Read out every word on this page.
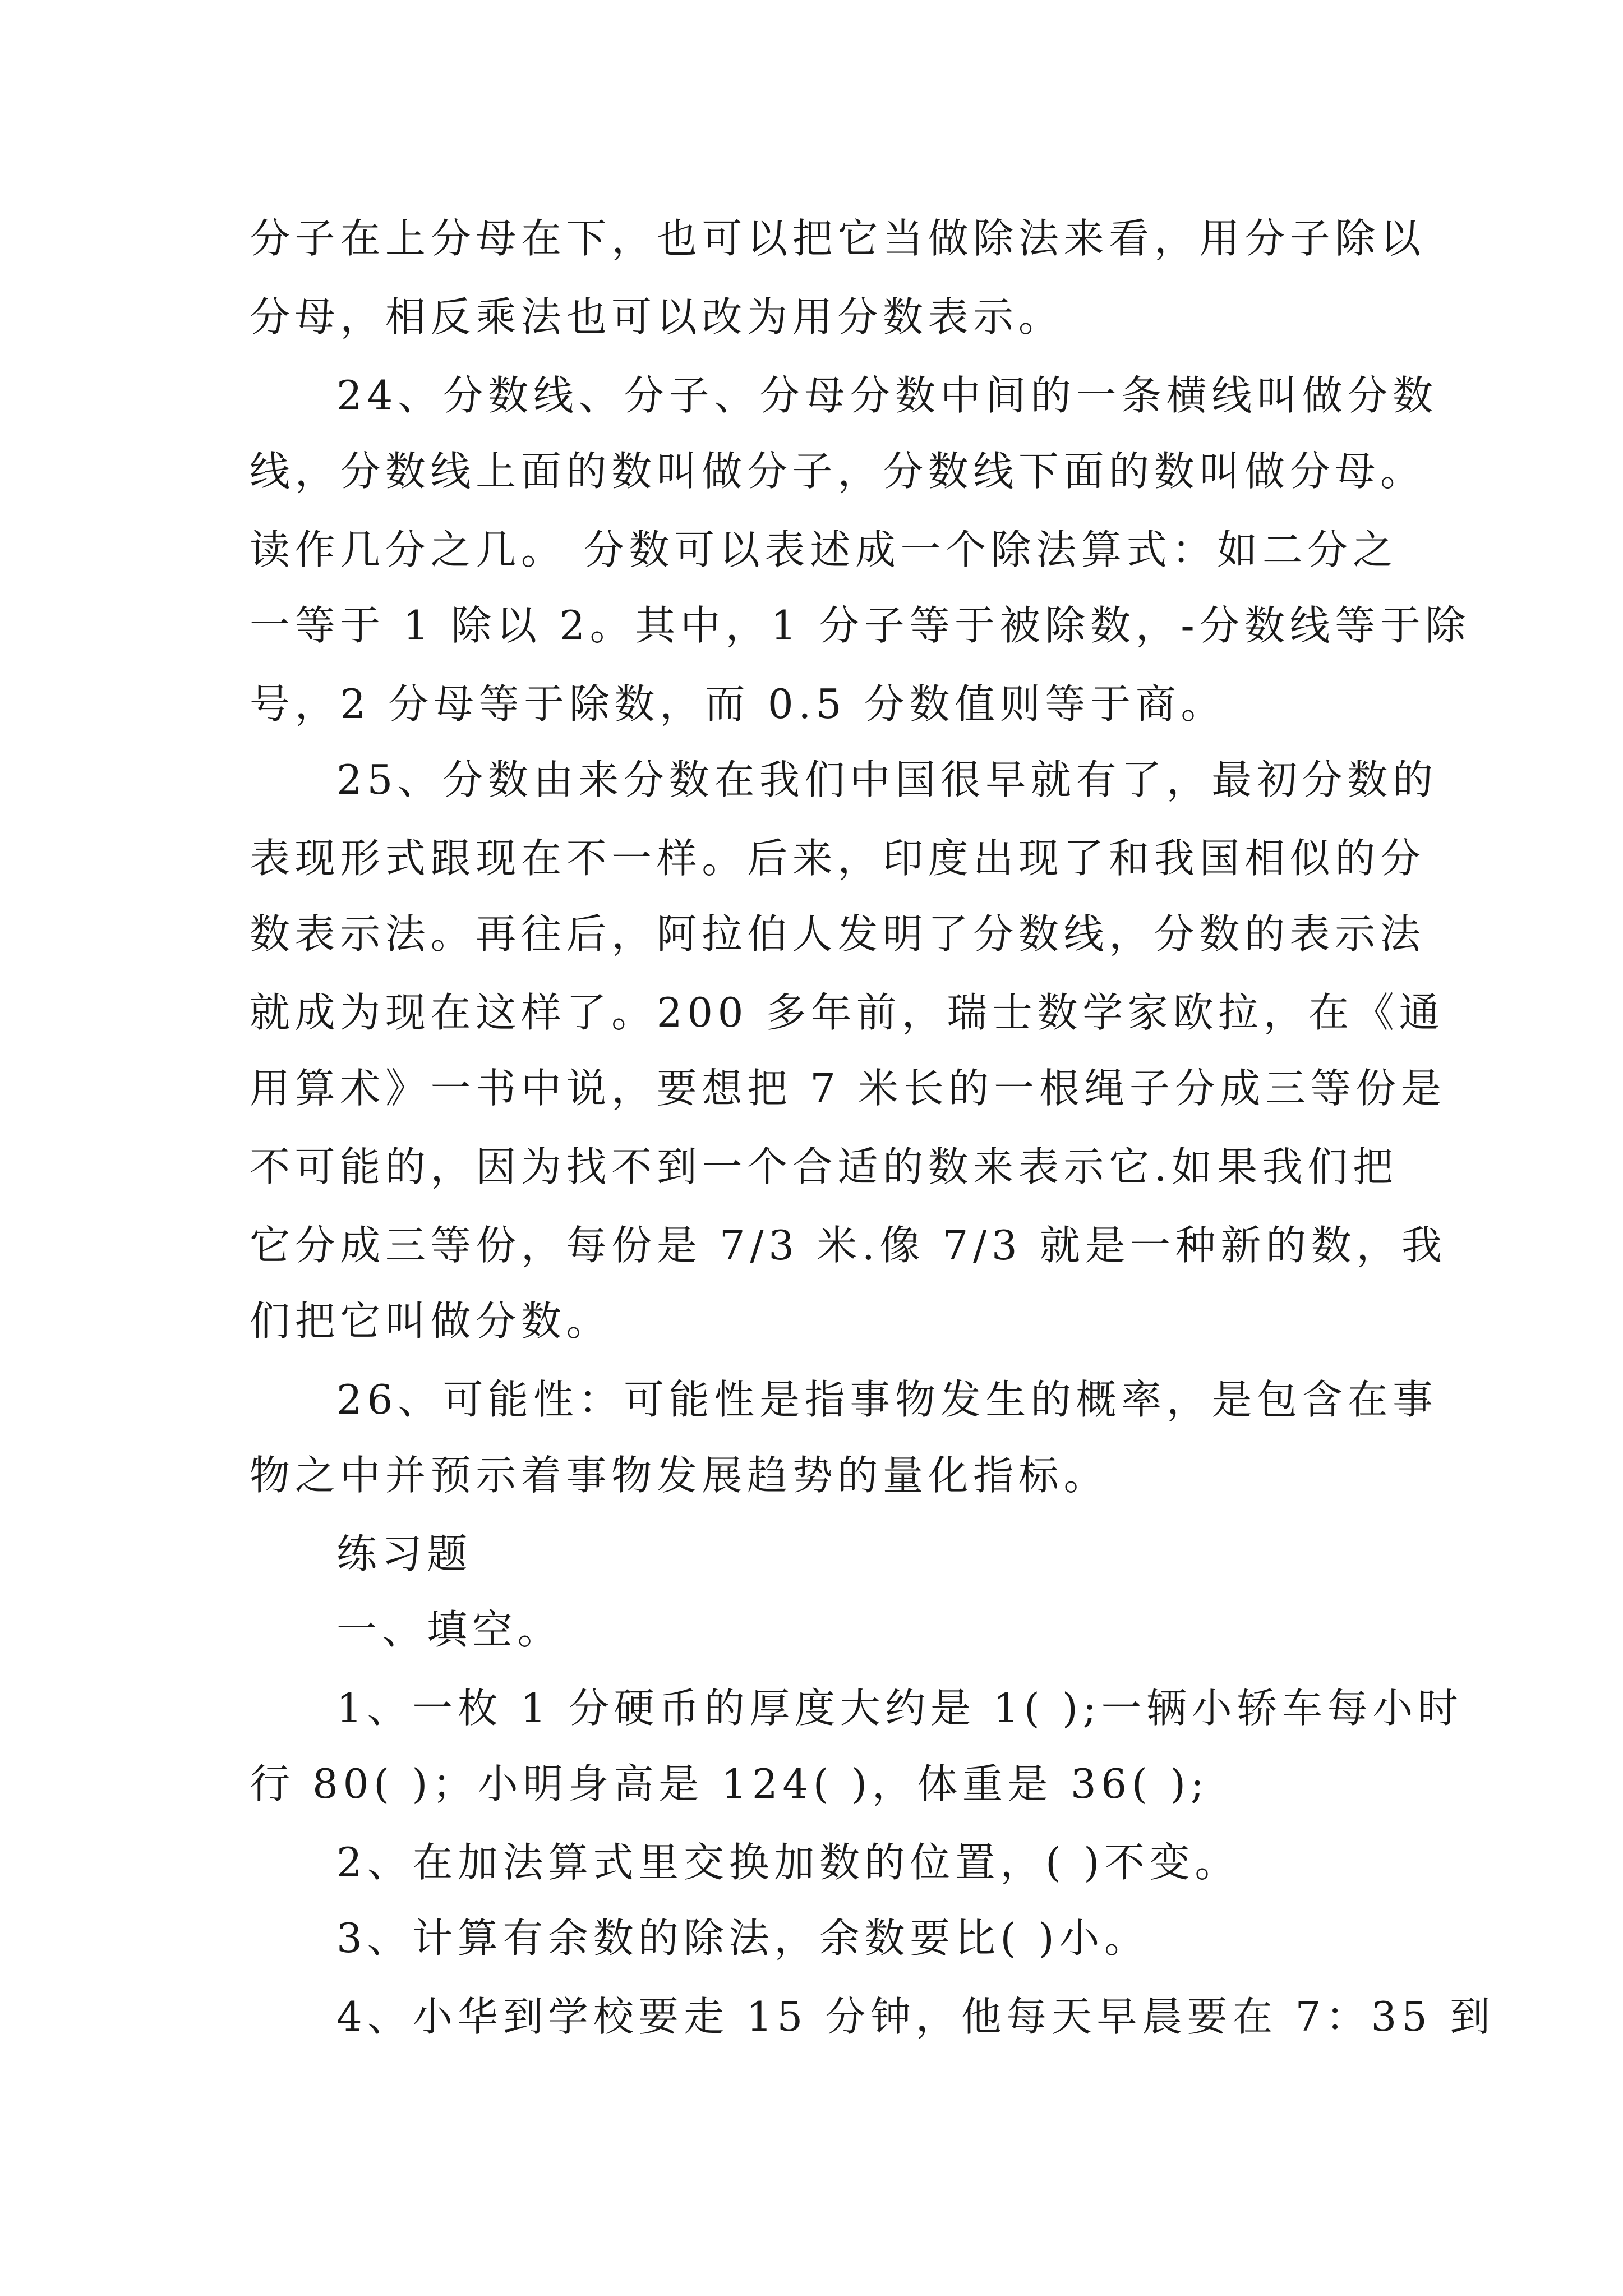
分子在上分母在下，也可以把它当做除法来看，用分子除以
分母，相反乘法也可以改为用分数表示。
24、分数线、分子、分母分数中间的一条横线叫做分数
线，分数线上面的数叫做分子，分数线下面的数叫做分母。
读作几分之几。 分数可以表述成一个除法算式：如二分之
一等于 1 除以 2。其中，1 分子等于被除数，-分数线等于除
号，2 分母等于除数，而 0.5 分数值则等于商。
25、分数由来分数在我们中国很早就有了，最初分数的
表现形式跟现在不一样。后来，印度出现了和我国相似的分
数表示法。再往后，阿拉伯人发明了分数线，分数的表示法
就成为现在这样了。200 多年前，瑞士数学家欧拉，在《通
用算术》一书中说，要想把 7 米长的一根绳子分成三等份是
不可能的，因为找不到一个合适的数来表示它.如果我们把
它分成三等份，每份是 7/3 米.像 7/3 就是一种新的数，我
们把它叫做分数。
26、可能性：可能性是指事物发生的概率，是包含在事
物之中并预示着事物发展趋势的量化指标。
练习题
一、填空。
1、一枚 1 分硬币的厚度大约是 1( );一辆小轿车每小时
行 80( )；小明身高是 124( )，体重是 36( );
2、在加法算式里交换加数的位置，( )不变。
3、计算有余数的除法，余数要比( )小。
4、小华到学校要走 15 分钟，他每天早晨要在 7：35 到
